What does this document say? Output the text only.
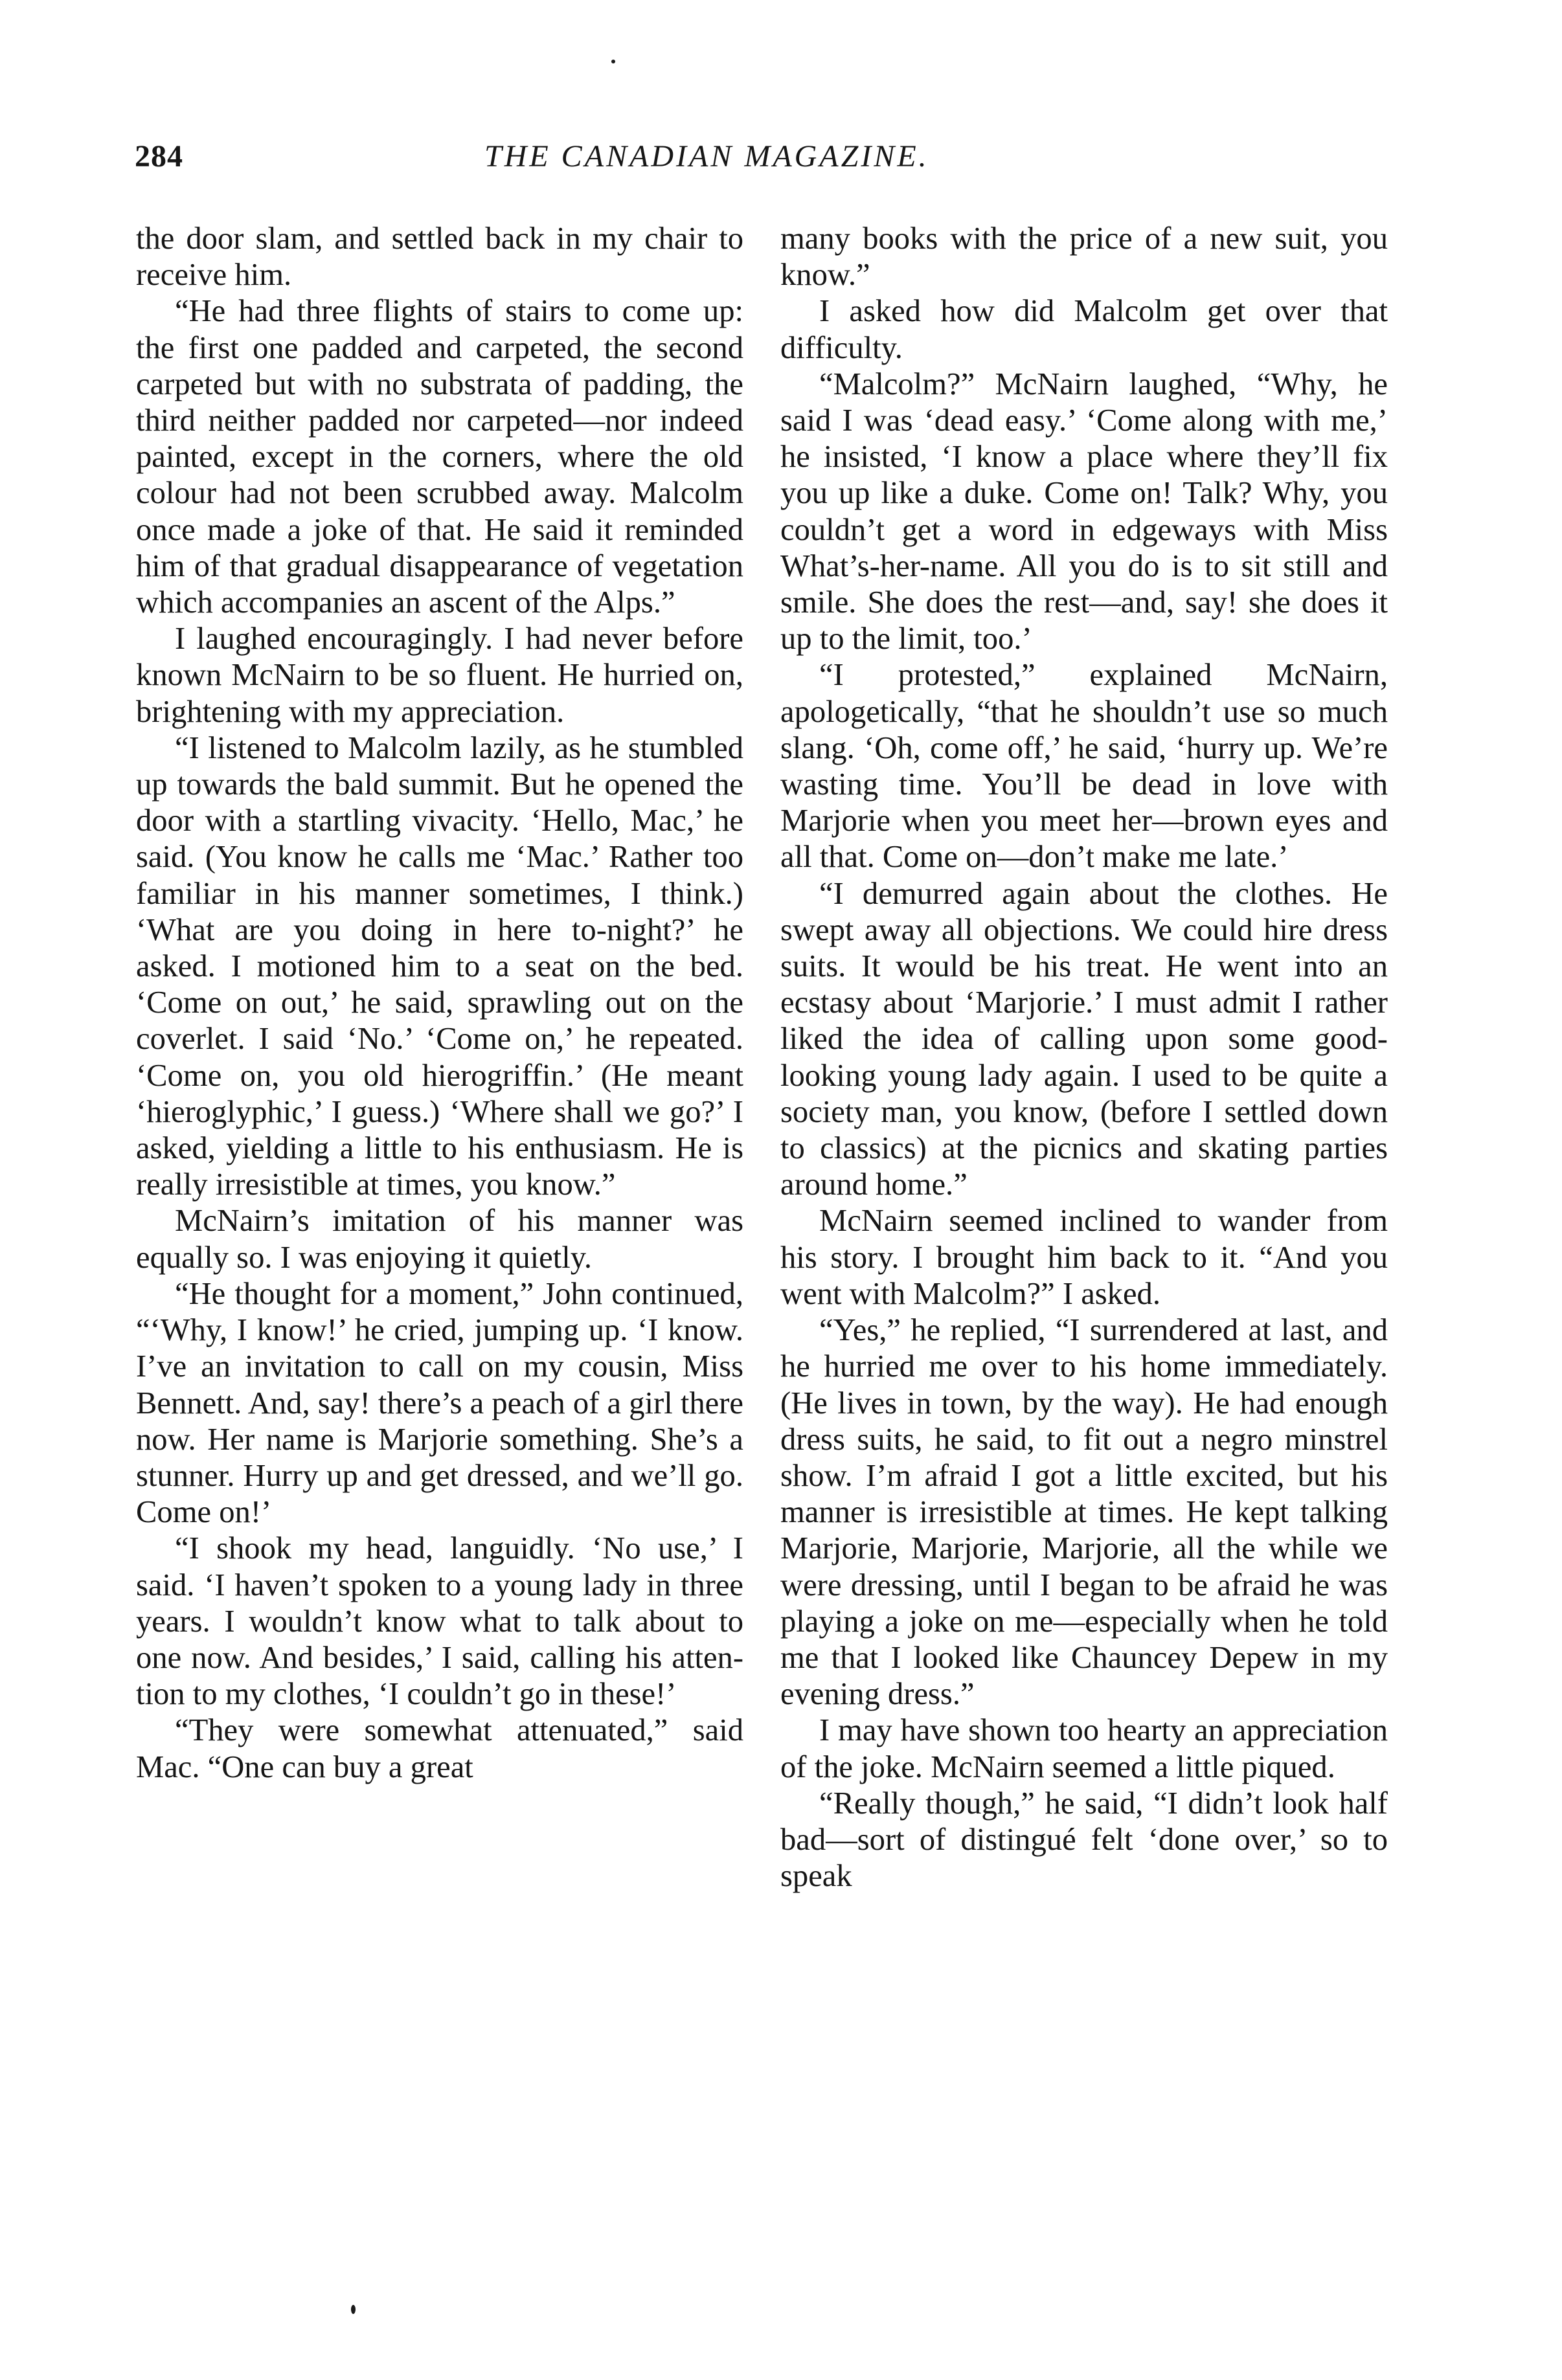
284	THE CANADIAN MAGAZINE.

the door slam, and settled back in my chair to receive him.

“He had three flights of stairs to come up: the first one padded and carpeted, the second carpeted but with no substrata of padding, the third neither padded nor carpeted—nor indeed painted, except in the corners, where the old colour had not been scrubbed away. Malcolm once made a joke of that. He said it reminded him of that gradual disappearance of vegetation which accompanies an ascent of the Alps.”

I laughed encouragingly. I had never before known McNairn to be so fluent. He hurried on, brightening with my appreciation.

“I listened to Malcolm lazily, as he stumbled up towards the bald summit. But he opened the door with a startling vivacity. ‘Hello, Mac,’ he said. (You know he calls me ‘Mac.’ Rather too familiar in his manner sometimes, I think.) ‘What are you doing in here to-night?’ he asked. I motioned him to a seat on the bed. ‘Come on out,’ he said, sprawling out on the coverlet. I said ‘No.’ ‘Come on,’ he repeated. ‘Come on, you old hierogriffin.’ (He meant ‘hieroglyphic,’ I guess.) ‘Where shall we go?’ I asked, yielding a little to his enthusiasm. He is really irresistible at times, you know.”

McNairn’s imitation of his manner was equally so. I was enjoying it quietly.

“He thought for a moment,” John continued, “‘Why, I know!’ he cried, jumping up. ‘I know. I’ve an invitation to call on my cousin, Miss Bennett. And, say! there’s a peach of a girl there now. Her name is Marjorie something. She’s a stunner. Hurry up and get dressed, and we’ll go. Come on!’

“I shook my head, languidly. ‘No use,’ I said. ‘I haven’t spoken to a young lady in three years. I wouldn’t know what to talk about to one now. And besides,’ I said, calling his attention to my clothes, ‘I couldn’t go in these!’

“They were somewhat attenuated,” said Mac. “One can buy a great

many books with the price of a new suit, you know.”

I asked how did Malcolm get over that difficulty.

“Malcolm?” McNairn laughed, “Why, he said I was ‘dead easy.’ ‘Come along with me,’ he insisted, ‘I know a place where they’ll fix you up like a duke. Come on! Talk? Why, you couldn’t get a word in edgeways with Miss What’s-her-name. All you do is to sit still and smile. She does the rest—and, say! she does it up to the limit, too.’

“I protested,” explained McNairn, apologetically, “that he shouldn’t use so much slang. ‘Oh, come off,’ he said, ‘hurry up. We’re wasting time. You’ll be dead in love with Marjorie when you meet her—brown eyes and all that. Come on—don’t make me late.’

“I demurred again about the clothes. He swept away all objections. We could hire dress suits. It would be his treat. He went into an ecstasy about ‘Marjorie.’ I must admit I rather liked the idea of calling upon some good-looking young lady again. I used to be quite a society man, you know, (before I settled down to classics) at the picnics and skating parties around home.”

McNairn seemed inclined to wander from his story. I brought him back to it. “And you went with Malcolm?” I asked.

“Yes,” he replied, “I surrendered at last, and he hurried me over to his home immediately. (He lives in town, by the way). He had enough dress suits, he said, to fit out a negro minstrel show. I’m afraid I got a little excited, but his manner is irresistible at times. He kept talking Marjorie, Marjorie, Marjorie, all the while we were dressing, until I began to be afraid he was playing a joke on me—especially when he told me that I looked like Chauncey Depew in my evening dress.”

I may have shown too hearty an appreciation of the joke. McNairn seemed a little piqued.

“Really though,” he said, “I didn’t look half bad—sort of distingué felt ‘done over,’ so to speak
